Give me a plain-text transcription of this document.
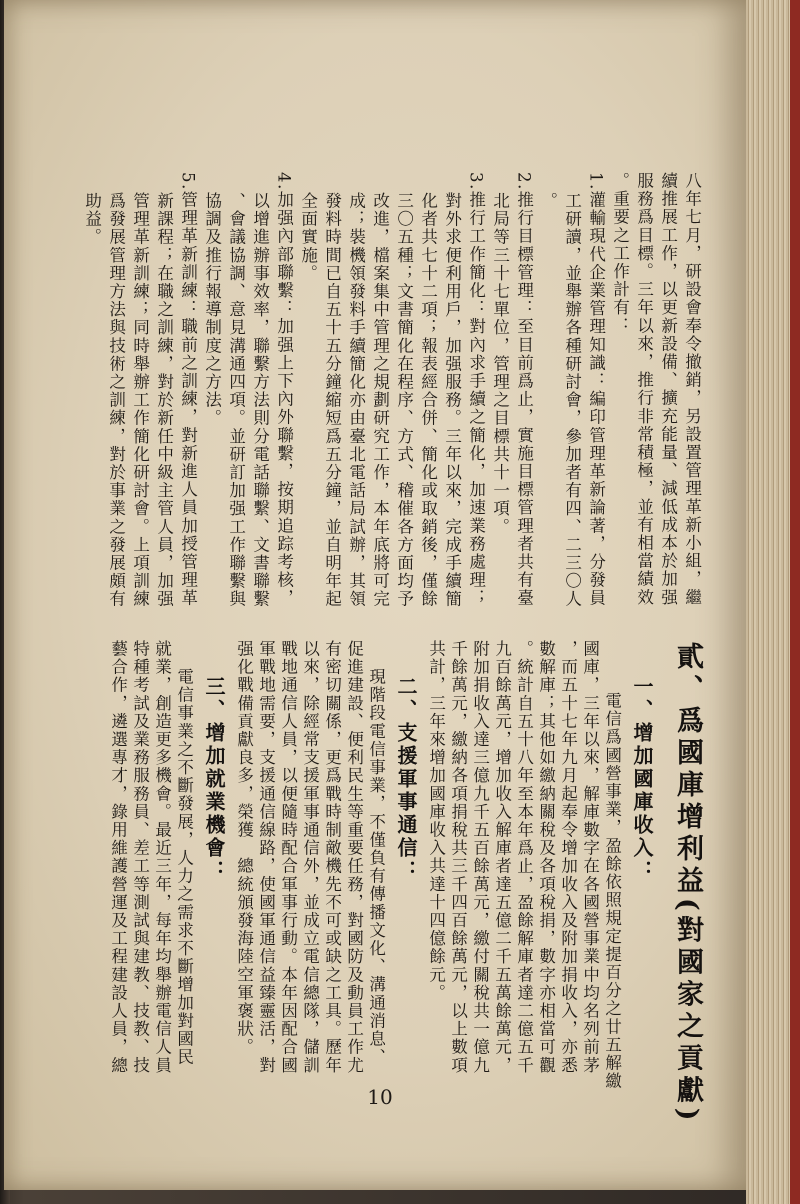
八年七月，研設會奉令撤銷，另設置管理革新小組，繼
續推展工作，以更新設備、擴充能量、減低成本於加强
服務爲目標。三年以來，推行非常積極，並有相當績效
。重要之工作計有：
1.灌輸現代企業管理知識：編印管理革新論著，分發員
工研讀，並舉辦各種研討會，參加者有四、二三〇人
。
2.推行目標管理：至目前爲止，實施目標管理者共有臺
北局等三十七單位，管理之目標共十一項。
3.推行工作簡化：對內求手續之簡化，加速業務處理；
對外求便利用戶，加强服務。三年以來，完成手續簡
化者共七十二項；報表經合併、簡化或取銷後，僅餘
三〇五種；文書簡化在程序、方式、稽催各方面均予
改進，檔案集中管理之規劃研究工作，本年底將可完
成；裝機領發料手續簡化亦由臺北電話局試辦，其領
發料時間已自五十五分鐘縮短爲五分鐘，並自明年起
全面實施。
4.加强內部聯繫：加强上下內外聯繫，按期追踪考核，
以增進辦事效率，聯繫方法則分電話聯繫、文書聯繫
、會議協調、意見溝通四項。並研訂加强工作聯繫與
協調及推行報導制度之方法。
5.管理革新訓練：職前之訓練，對新進人員加授管理革
新課程；在職之訓練，對於新任中級主管人員，加强
管理革新訓練；同時舉辦工作簡化研討會。上項訓練
爲發展管理方法與技術之訓練，對於事業之發展頗有
助益。
貳、爲國庫增利益(對國家之貢獻)
一、增加國庫收入：
電信爲國營事業，盈餘依照規定提百分之廿五解繳
國庫，三年以來，解庫數字在各國營事業中均名列前茅
，而五十七年九月起奉令增加收入及附加捐收入，亦悉
數解庫；其他如繳納關稅及各項稅捐，數字亦相當可觀
。統計自五十八年至本年爲止，盈餘解庫者達二億五千
九百餘萬元，增加收入解庫者達五億二千五萬餘萬元，
附加捐收入達三億九千五百餘萬元，繳付關稅共一億九
千餘萬元，繳納各項捐稅共三千四百餘萬元，以上數項
共計，三年來增加國庫收入共達十四億餘元。
二、支援軍事通信：
現階段電信事業，不僅負有傳播文化、溝通消息、
促進建設、便利民生等重要任務，對國防及動員工作尤
有密切關係，更爲戰時制敵機先不可或缺之工具。歷年
以來，除經常支援軍事通信外，並成立電信總隊，儲訓
戰地通信人員，以便隨時配合軍事行動。本年因配合國
軍戰地需要，支援通信線路，使國軍通信益臻靈活，對
强化戰備貢獻良多，榮獲　總統頒發海陸空軍褒狀。
三、增加就業機會：
電信事業之不斷發展，人力之需求不斷增加對國民
就業，創造更多機會。最近三年，每年均舉辦電信人員
特種考試及業務服務員、差工等測試與建教、技教、技
藝合作，遴選專才，錄用維護營運及工程建設人員，總
10
